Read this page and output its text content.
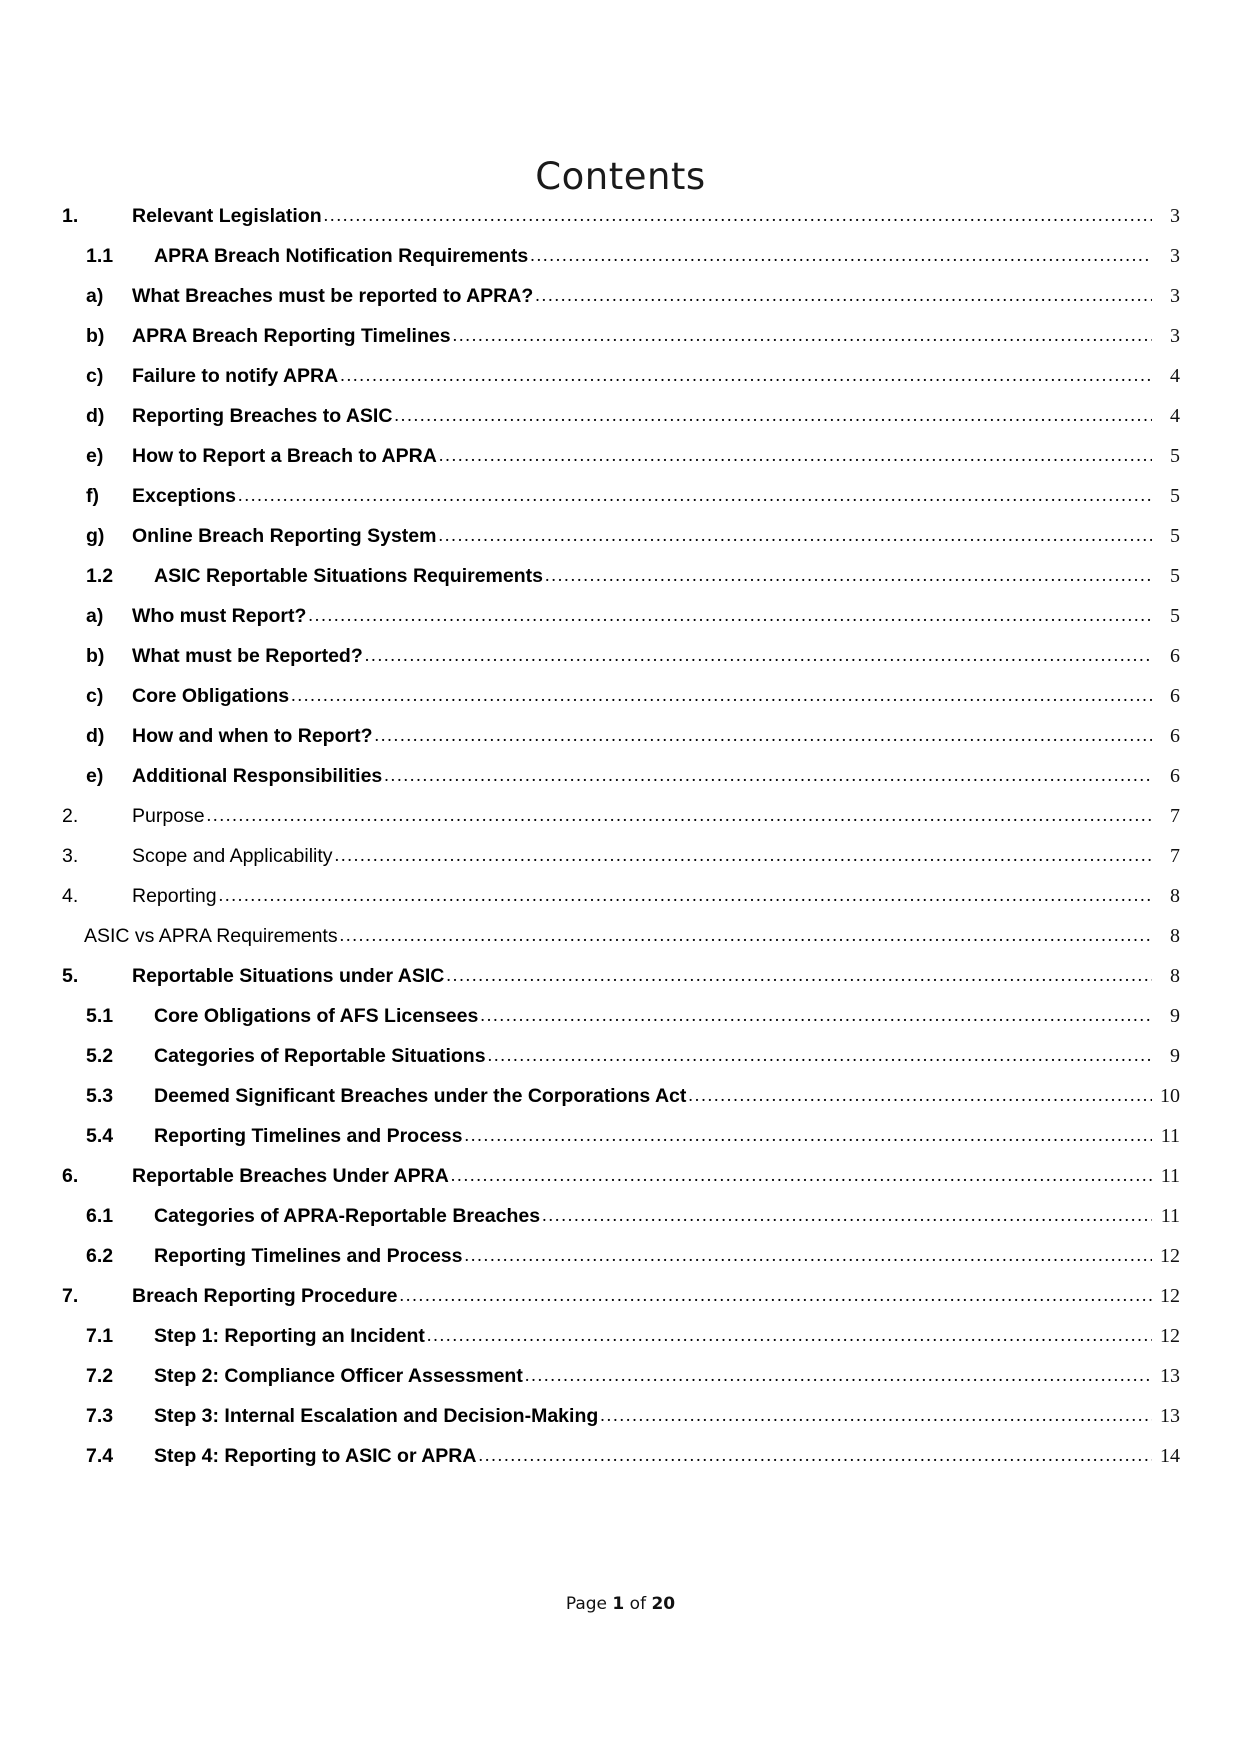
Contents
1.	Relevant Legislation .....	3
1.1	APRA Breach Notification Requirements .....	3
a)	What Breaches must be reported to APRA? .....	3
b)	APRA Breach Reporting Timelines .....	3
c)	Failure to notify APRA .....	4
d)	Reporting Breaches to ASIC .....	4
e)	How to Report a Breach to APRA .....	5
f)	Exceptions .....	5
g)	Online Breach Reporting System .....	5
1.2	ASIC Reportable Situations Requirements .....	5
a)	Who must Report? .....	5
b)	What must be Reported? .....	6
c)	Core Obligations .....	6
d)	How and when to Report? .....	6
e)	Additional Responsibilities .....	6
2.	Purpose .....	7
3.	Scope and Applicability .....	7
4.	Reporting .....	8
ASIC vs APRA Requirements .....	8
5.	Reportable Situations under ASIC .....	8
5.1	Core Obligations of AFS Licensees .....	9
5.2	Categories of Reportable Situations .....	9
5.3	Deemed Significant Breaches under the Corporations Act .....	10
5.4	Reporting Timelines and Process .....	11
6.	Reportable Breaches Under APRA .....	11
6.1	Categories of APRA-Reportable Breaches .....	11
6.2	Reporting Timelines and Process .....	12
7.	Breach Reporting Procedure .....	12
7.1	Step 1: Reporting an Incident .....	12
7.2	Step 2: Compliance Officer Assessment .....	13
7.3	Step 3: Internal Escalation and Decision-Making .....	13
7.4	Step 4: Reporting to ASIC or APRA .....	14
Page 1 of 20
